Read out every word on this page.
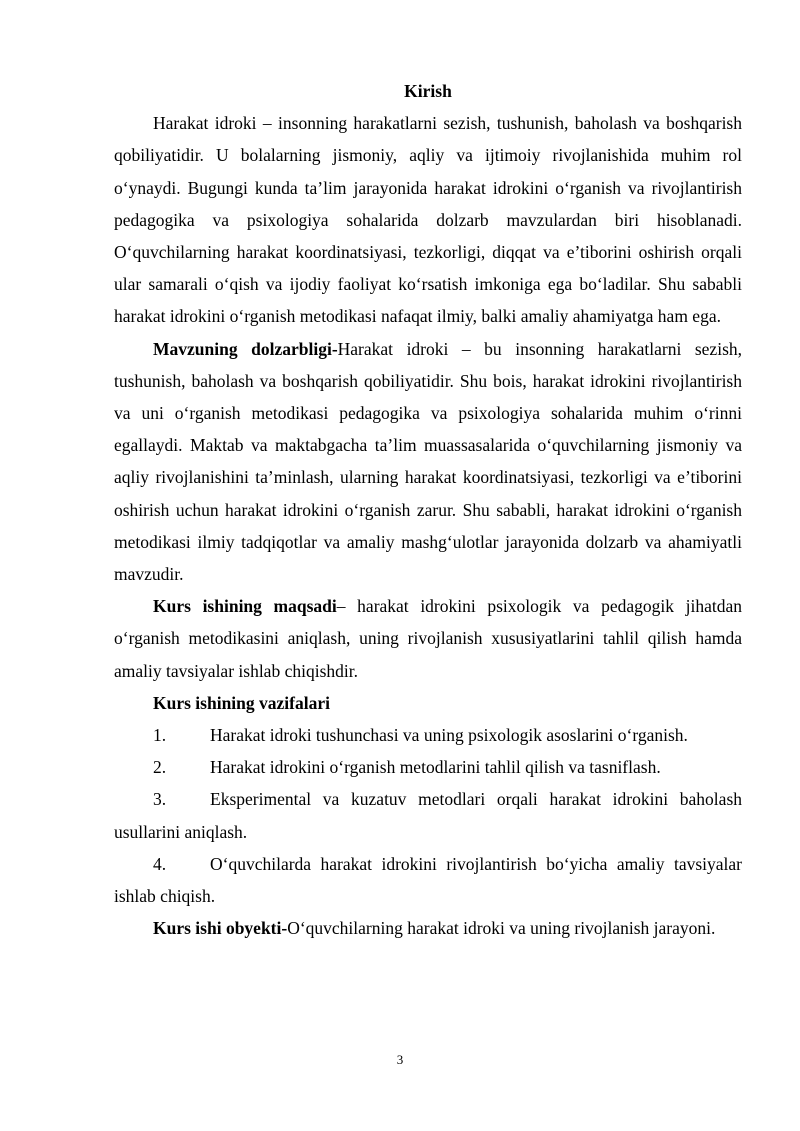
Kirish

Harakat idroki – insonning harakatlarni sezish, tushunish, baholash va boshqarish qobiliyatidir. U bolalarning jismoniy, aqliy va ijtimoiy rivojlanishida muhim rol o‘ynaydi. Bugungi kunda ta’lim jarayonida harakat idrokini o‘rganish va rivojlantirish pedagogika va psixologiya sohalarida dolzarb mavzulardan biri hisoblanadi. O‘quvchilarning harakat koordinatsiyasi, tezkorligi, diqqat va e’tiborini oshirish orqali ular samarali o‘qish va ijodiy faoliyat ko‘rsatish imkoniga ega bo‘ladilar. Shu sababli harakat idrokini o‘rganish metodikasi nafaqat ilmiy, balki amaliy ahamiyatga ham ega.

Mavzuning dolzarbligi-Harakat idroki – bu insonning harakatlarni sezish, tushunish, baholash va boshqarish qobiliyatidir. Shu bois, harakat idrokini rivojlantirish va uni o‘rganish metodikasi pedagogika va psixologiya sohalarida muhim o‘rinni egallaydi. Maktab va maktabgacha ta’lim muassasalarida o‘quvchilarning jismoniy va aqliy rivojlanishini ta’minlash, ularning harakat koordinatsiyasi, tezkorligi va e’tiborini oshirish uchun harakat idrokini o‘rganish zarur. Shu sababli, harakat idrokini o‘rganish metodikasi ilmiy tadqiqotlar va amaliy mashg‘ulotlar jarayonida dolzarb va ahamiyatli mavzudir.

Kurs ishining maqsadi– harakat idrokini psixologik va pedagogik jihatdan o‘rganish metodikasini aniqlash, uning rivojlanish xususiyatlarini tahlil qilish hamda amaliy tavsiyalar ishlab chiqishdir.

Kurs ishining vazifalari

1.	Harakat idroki tushunchasi va uning psixologik asoslarini o‘rganish.

2.	Harakat idrokini o‘rganish metodlarini tahlil qilish va tasniflash.

3.	Eksperimental va kuzatuv metodlari orqali harakat idrokini baholash usullarini aniqlash.

4.	O‘quvchilarda harakat idrokini rivojlantirish bo‘yicha amaliy tavsiyalar ishlab chiqish.

Kurs ishi obyekti-O‘quvchilarning harakat idroki va uning rivojlanish jarayoni.

3
